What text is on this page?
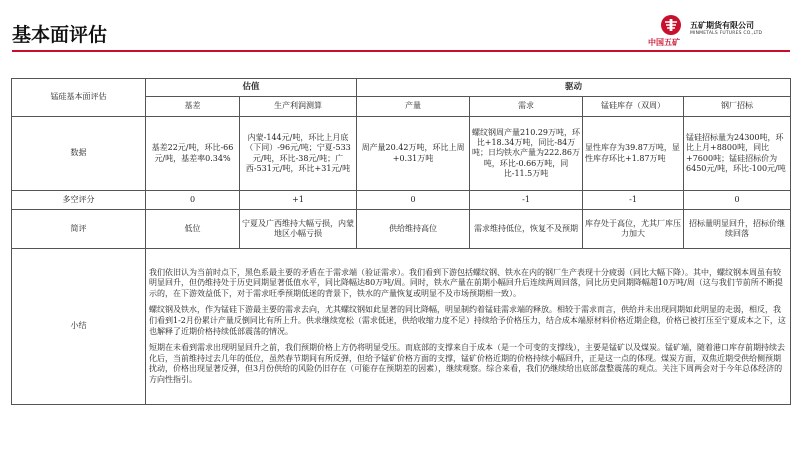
基本面评估	中国五矿
五矿期货有限公司
MINMETALS FUTURES CO.,LTD
锰硅基本面评估	估值		驱动			
	基差	生产利润测算	产量	需求	锰硅库存（双周）	钢厂招标
数据	基差22元/吨，环比-66元/吨，基差率0.34%	内蒙-144元/吨，环比上月底（下同）-96元/吨；宁夏-533元/吨，环比-38元/吨；广西-531元/吨，环比+31元/吨	周产量20.42万吨，环比上周+0.31万吨	螺纹钢周产量210.29万吨，环比+18.34万吨，同比-84万吨；日均铁水产量为222.86万吨，环比-0.66万吨，同比-11.5万吨	显性库存为39.87万吨，显性库存环比+1.87万吨	锰硅招标量为24300吨，环比上月+8800吨，同比+7600吨；锰硅招标价为6450元/吨，环比-100元/吨
多空评分	0	+1	0	-1	-1	0
简评	低位	宁夏及广西维持大幅亏损，内蒙地区小幅亏损	供给维持高位	需求维持低位，恢复不及预期	库存处于高位，尤其厂库压力加大	招标量明显回升，招标价继续回落
小结	我们依旧认为当前时点下，黑色系最主要的矛盾在于需求端（验证需求）。我们看到下游包括螺纹钢、铁水在内的钢厂生产表现十分疲弱（同比大幅下降）。其中，螺纹钢本周虽有较明显回升，但仍维持处于历史同期显著低值水平，同比降幅达80万吨/周。同时，铁水产量在前期小幅回升后连续两周回落，同比历史同期降幅超10万吨/周（这与我们节前所不断提示的，在下游效益低下，对于需求旺季预期低迷的背景下，铁水的产量恢复或明显不及市场预期相一致）。

螺纹钢及铁水，作为锰硅下游最主要的需求去向，尤其螺纹钢如此显著的同比降幅，明显制约着锰硅需求端的释放。相较于需求而言，供给并未出现同期如此明显的走弱，相反，我们看到1-2月份累计产量反倒同比有所上升。供求继续宽松（需求低迷，供给收缩力度不足）持续给予价格压力，结合成本端原材料价格近期企稳，价格已被打压至宁夏成本之下，这也解释了近期价格持续低部震荡的情况。

短期在未看到需求出现明显回升之前，我们预期价格上方仍将明显受压。而底部的支撑来自于成本（是一个可变的支撑线），主要是锰矿以及煤炭。锰矿端，随着港口库存前期持续去化后，当前维持过去几年的低位，虽然春节期间有所反弹，但给予锰矿价格方面的支撑，锰矿价格近期的价格持续小幅回升，正是这一点的体现。煤炭方面，双焦近期受供给侧预期扰动，价格出现显著反弹，但3月份供给的风险仍旧存在（可能存在预期差的因素），继续观察。综合来看，我们仍继续给出底部盘整震荡的观点。关注下周两会对于今年总体经济的方向性指引。					
